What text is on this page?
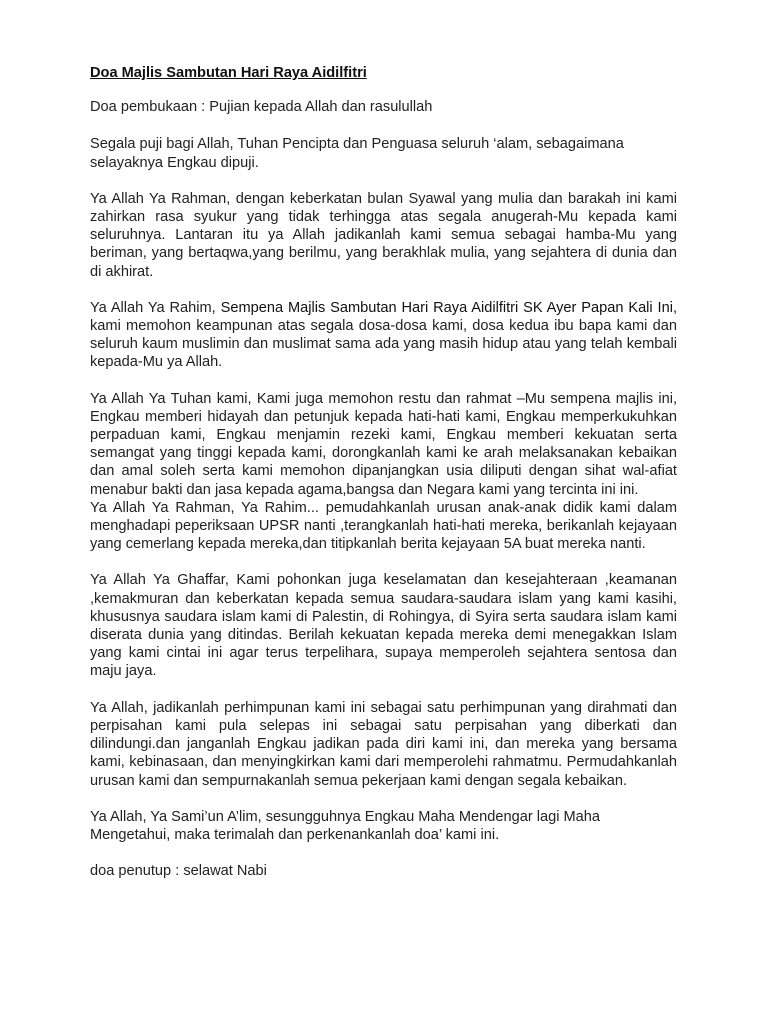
Doa Majlis Sambutan Hari Raya Aidilfitri

Doa pembukaan : Pujian kepada Allah dan rasulullah

Segala puji bagi Allah, Tuhan Pencipta dan Penguasa seluruh ‘alam, sebagaimana selayaknya Engkau dipuji.

Ya Allah Ya Rahman, dengan keberkatan bulan Syawal yang mulia dan barakah ini kami zahirkan rasa syukur yang tidak terhingga atas segala anugerah-Mu kepada kami seluruhnya. Lantaran itu ya Allah jadikanlah kami semua sebagai hamba-Mu yang beriman, yang bertaqwa,yang berilmu, yang berakhlak mulia, yang sejahtera di dunia dan di akhirat.

Ya Allah Ya Rahim, Sempena Majlis Sambutan Hari Raya Aidilfitri SK Ayer Papan Kali Ini, kami memohon keampunan atas segala dosa-dosa kami, dosa kedua ibu bapa kami dan seluruh kaum muslimin dan muslimat sama ada yang masih hidup atau yang telah kembali kepada-Mu ya Allah.

Ya Allah Ya Tuhan kami, Kami juga memohon restu dan rahmat –Mu sempena majlis ini, Engkau memberi hidayah dan petunjuk kepada hati-hati kami, Engkau memperkukuhkan perpaduan kami, Engkau menjamin rezeki kami, Engkau memberi kekuatan serta semangat yang tinggi kepada kami, dorongkanlah kami ke arah melaksanakan kebaikan dan amal soleh serta kami memohon dipanjangkan usia diliputi dengan sihat wal-afiat menabur bakti dan jasa kepada agama,bangsa dan Negara kami yang tercinta ini ini.

Ya Allah Ya Rahman, Ya Rahim... pemudahkanlah urusan anak-anak didik kami dalam menghadapi peperiksaan UPSR nanti ,terangkanlah hati-hati mereka, berikanlah kejayaan yang cemerlang kepada mereka,dan titipkanlah berita kejayaan 5A buat mereka nanti.

Ya Allah Ya Ghaffar, Kami pohonkan juga keselamatan dan kesejahteraan ,keamanan ,kemakmuran dan keberkatan kepada semua saudara-saudara islam yang kami kasihi, khususnya saudara islam kami di Palestin, di Rohingya, di Syira serta saudara islam kami diserata dunia yang ditindas. Berilah kekuatan kepada mereka demi menegakkan Islam yang kami cintai ini agar terus terpelihara, supaya memperoleh sejahtera sentosa dan maju jaya.

Ya Allah, jadikanlah perhimpunan kami ini sebagai satu perhimpunan yang dirahmati dan perpisahan kami pula selepas ini sebagai satu perpisahan yang diberkati dan dilindungi.dan janganlah Engkau jadikan pada diri kami ini, dan mereka yang bersama kami, kebinasaan, dan menyingkirkan kami dari memperolehi rahmatmu. Permudahkanlah urusan kami dan sempurnakanlah semua pekerjaan kami dengan segala kebaikan.

Ya Allah, Ya Sami’un A’lim, sesungguhnya Engkau Maha Mendengar lagi Maha Mengetahui, maka terimalah dan perkenankanlah doa’ kami ini.

doa penutup : selawat Nabi
